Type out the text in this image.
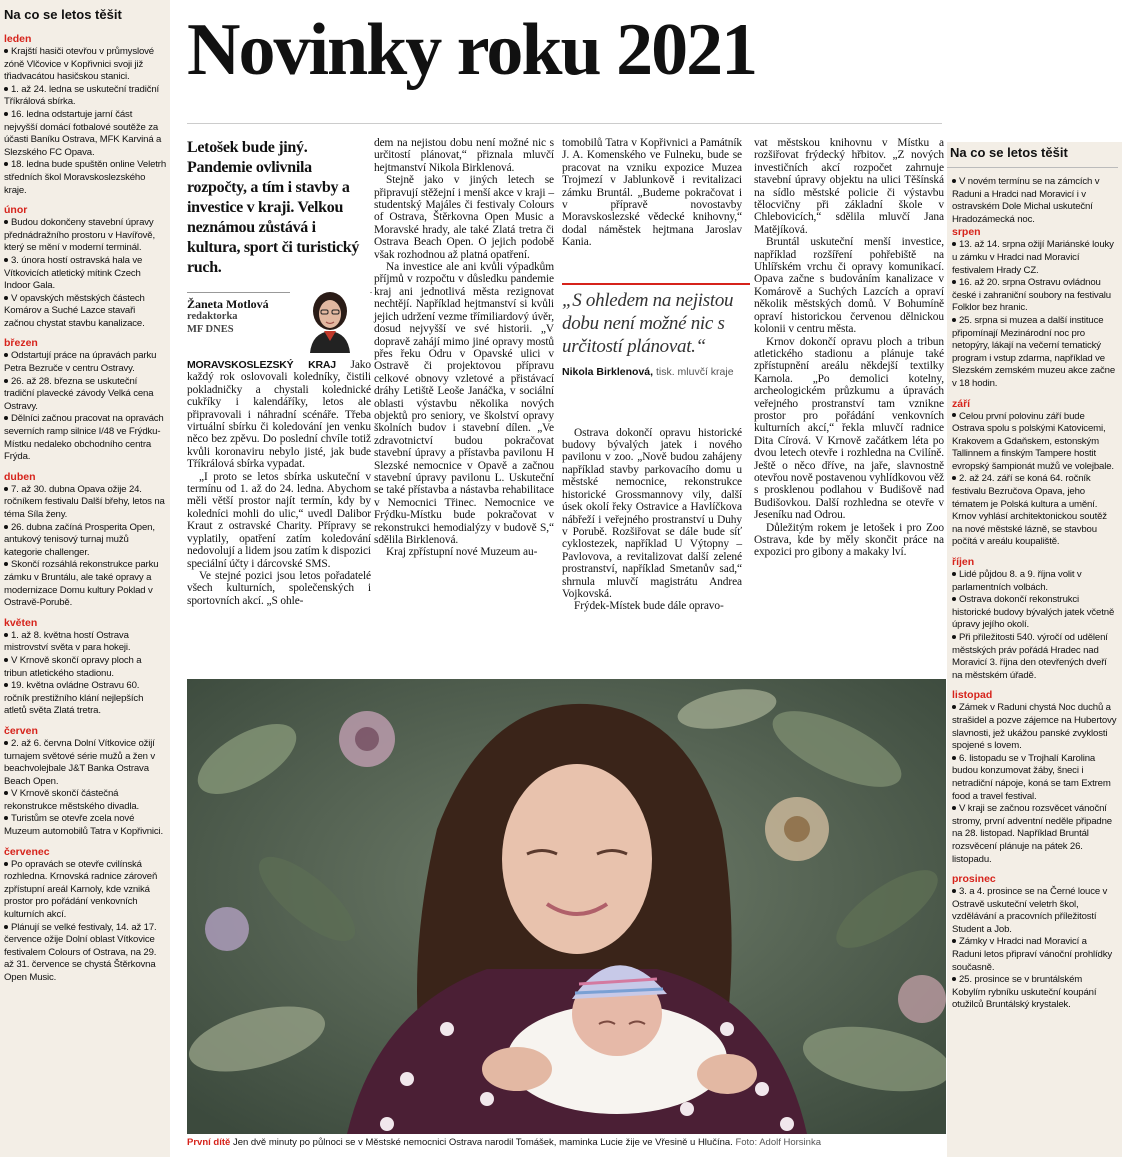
Na co se letos těšit
leden
Krajští hasiči otevřou v průmyslové zóně Vlčovice v Kopřivnici svoji již třiadvacátou hasičskou stanici.
1. až 24. ledna se uskuteční tradiční Tříkrálová sbírka.
16. ledna odstartuje jarní část nejvyšší domácí fotbalové soutěže za účasti Baníku Ostrava, MFK Karviná a Slezského FC Opava.
18. ledna bude spuštěn online Veletrh středních škol Moravskoslezského kraje.
únor
Budou dokončeny stavební úpravy přednádražního prostoru v Havířově, který se mění v moderní terminál.
3. února hostí ostravská hala ve Vítkovicích atletický mítink Czech Indoor Gala.
V opavských městských částech Komárov a Suché Lazce stavaři začnou chystat stavbu kanalizace.
březen
Odstartují práce na úpravách parku Petra Bezruče v centru Ostravy.
26. až 28. března se uskuteční tradiční plavecké závody Velká cena Ostravy.
Dělníci začnou pracovat na opravách severních ramp silnice I/48 ve Frýdku-Místku nedaleko obchodního centra Frýda.
duben
7. až 30. dubna Opava ožije 24. ročníkem festivalu Další břehy, letos na téma Síla ženy.
26. dubna začíná Prosperita Open, antukový tenisový turnaj mužů kategorie challenger.
Skončí rozsáhlá rekonstrukce parku zámku v Bruntálu, ale také opravy a modernizace Domu kultury Poklad v Ostravě-Porubě.
květen
1. až 8. května hostí Ostrava mistrovství světa v para hokeji.
V Krnově skončí opravy ploch a tribun atletického stadionu.
19. května ovládne Ostravu 60. ročník prestižního klání nejlepších atletů světa Zlatá tretra.
červen
2. až 6. června Dolní Vítkovice ožijí turnajem světové série mužů a žen v beachvolejbale J&T Banka Ostrava Beach Open.
V Krnově skončí částečná rekonstrukce městského divadla.
Turistům se otevře zcela nové Muzeum automobilů Tatra v Kopřivnici.
červenec
Po opravách se otevře cvilínská rozhledna. Krnovská radnice zároveň zpřístupní areál Karnoly, kde vzniká prostor pro pořádání venkovních kulturních akcí.
Plánují se velké festivaly, 14. až 17. července ožije Dolní oblast Vítkovice festivalem Colours of Ostrava, na 29. až 31. července se chystá Štěrkovna Open Music.
Novinky roku 2021
Letošek bude jiný. Pandemie ovlivnila rozpočty, a tím i stavby a investice v kraji. Velkou neznámou zůstává i kultura, sport či turistický ruch.
Žaneta Motlová
redaktorka
MF DNES

MORAVSKOSLEZSKÝ KRAJ Jako každý rok oslovovali koledníky, čistili pokladničky a chystali kolednické cukříky i kalendáříky, letos ale připravovali i náhradní scénáře. Třeba virtuální sbírku či koledování jen venku něco bez zpěvu. Do poslední chvíle totiž kvůli koronaviru nebylo jisté, jak bude Tříkrálová sbírka vypadat.

„I proto se letos sbírka uskuteční v termínu od 1. až do 24. ledna. Abychom měli větší prostor najít termín, kdy by koledníci mohli do ulic,“ uvedl Dalibor Kraut z ostravské Charity. Přípravy se vyplatily, opatření zatím koledování nedovolují a lidem jsou zatím k dispozici speciální účty i dárcovské SMS.

Ve stejné pozici jsou letos pořadatelé všech kulturních, společenských i sportovních akcí. „S ohle-

dem na nejistou dobu není možné nic s určitostí plánovat,“ přiznala mluvčí hejtmanství Nikola Birklenová.

Stejně jako v jiných letech se připravují stěžejní i menší akce v kraji – studentský Majáles či festivaly Colours of Ostrava, Štěrkovna Open Music a Moravské hrady, ale také Zlatá tretra či Ostrava Beach Open. O jejich podobě však rozhodnou až platná opatření.

Na investice ale ani kvůli výpadkům příjmů v rozpočtu v důsledku pandemie kraj ani jednotlivá města rezignovat nechtějí. Například hejtmanství si kvůli jejich udržení vezme třímiliardový úvěr, dosud nejvyšší ve své historii. „V dopravě zahájí mimo jiné opravy mostů přes řeku Odru v Opavské ulici v Ostravě či projektovou přípravu celkové obnovy vzletové a přistávací dráhy Letiště Leoše Janáčka, v sociální oblasti výstavbu několika nových objektů pro seniory, ve školství opravy školních budov i stavební dílen. „Ve zdravotnictví budou pokračovat stavební úpravy a přístavba pavilonu H Slezské nemocnice v Opavě a začnou stavební úpravy pavilonu L. Uskuteční se také přístavba a nástavba rehabilitace v Nemocnici Třinec. Nemocnice ve Frýdku-Místku bude pokračovat v rekonstrukci hemodialýzy v budově S,“ sdělila Birklenová.

Kraj zpřístupní nové Muzeum au-

tomobilů Tatra v Kopřivnici a Památník J. A. Komenského ve Fulneku, bude se pracovat na vzniku expozice Muzea Trojmezí v Jablunkově i revitalizaci zámku Bruntál. „Budeme pokračovat i v přípravě novostavby Moravskoslezské vědecké knihovny,“ dodal náměstek hejtmana Jaroslav Kania.

Ostrava dokončí opravu historické budovy bývalých jatek i nového pavilonu v zoo. „Nově budou zahájeny například stavby parkovacího domu u městské nemocnice, rekonstrukce historické Grossmannovy vily, další úsek okolí řeky Ostravice a Havlíčkova nábřeží i veřejného prostranství u Duhy v Porubě. Rozšiřovat se dále bude síť cyklostezek, například U Výtopny – Pavlovova, a revitalizovat další zelené prostranství, například Smetanův sad,“ shrnula mluvčí magistrátu Andrea Vojkovská.

Frýdek-Místek bude dále opravo-

„S ohledem na nejistou dobu není možné nic s určitostí plánovat.“
Nikola Birklenová, tisk. mluvčí kraje

vat městskou knihovnu v Místku a rozšiřovat frýdecký hřbitov. „Z nových investičních akcí rozpočet zahrnuje stavební úpravy objektu na ulici Těšínská na sídlo městské policie či výstavbu tělocvičny při základní škole v Chlebovicích,“ sdělila mluvčí Jana Matějíková.

Bruntál uskuteční menší investice, například rozšíření pohřebiště na Uhlířském vrchu či opravy komunikací. Opava začne s budováním kanalizace v Komárově a Suchých Lazcích a opraví několik městských domů. V Bohumíně opraví historickou červenou dělnickou kolonii v centru města.

Krnov dokončí opravu ploch a tribun atletického stadionu a plánuje také zpřístupnění areálu někdejší textilky Karnola. „Po demolici kotelny, archeologickém průzkumu a úpravách veřejného prostranství tam vznikne prostor pro pořádání venkovních kulturních akcí,“ řekla mluvčí radnice Dita Círová. V Krnově začátkem léta po dvou letech otevře i rozhledna na Cvilíně. Ještě o něco dříve, na jaře, slavnostně otevřou nově postavenou vyhlídkovou věž s prosklenou podlahou v Budišově nad Budišovkou. Další rozhledna se otevře v Jeseníku nad Odrou.

Důležitým rokem je letošek i pro Zoo Ostrava, kde by měly skončit práce na expozici pro gibony a makaky lví.

Na co se letos těšit
V novém termínu se na zámcích v Raduni a Hradci nad Moravicí i v ostravském Dole Michal uskuteční Hradozámecká noc.
srpen
13. až 14. srpna ožijí Mariánské louky u zámku v Hradci nad Moravicí festivalem Hrady CZ.
16. až 20. srpna Ostravu ovládnou české i zahraniční soubory na festivalu Folklor bez hranic.
25. srpna si muzea a další instituce připomínají Mezinárodní noc pro netopýry, lákají na večerní tematický program i vstup zdarma, například ve Slezském zemském muzeu akce začne v 18 hodin.
září
Celou první polovinu září bude Ostrava spolu s polskými Katovicemi, Krakovem a Gdaňskem, estonským Tallinnem a finským Tampere hostit evropský šampionát mužů ve volejbale.
2. až 24. září se koná 64. ročník festivalu Bezručova Opava, jeho tématem je Polská kultura a umění. Krnov vyhlásí architektonickou soutěž na nové městské lázně, se stavbou počítá v areálu koupaliště.
říjen
Lidé půjdou 8. a 9. října volit v parlamentních volbách.
Ostrava dokončí rekonstrukci historické budovy bývalých jatek včetně úpravy jejího okolí.
Při příležitosti 540. výročí od udělení městských práv pořádá Hradec nad Moravicí 3. října den otevřených dveří na městském úřadě.
listopad
Zámek v Raduni chystá Noc duchů a strašidel a pozve zájemce na Hubertovy slavnosti, jež ukážou panské zvyklosti spojené s lovem.
6. listopadu se v Trojhalí Karolina budou konzumovat žáby, šneci i netradiční nápoje, koná se tam Extrem food a travel festival.
V kraji se začnou rozsvěcet vánoční stromy, první adventní neděle připadne na 28. listopad. Například Bruntál rozsvěcení plánuje na pátek 26. listopadu.
prosinec
3. a 4. prosince se na Černé louce v Ostravě uskuteční veletrh škol, vzdělávání a pracovních příležitostí Student a Job.
Zámky v Hradci nad Moravicí a Raduni letos připraví vánoční prohlídky současně.
25. prosince se v bruntálském Kobylím rybníku uskuteční koupání otužilců Bruntálský krystalek.
První dítě Jen dvě minuty po půlnoci se v Městské nemocnici Ostrava narodil Tomášek, maminka Lucie žije ve Vřesině u Hlučína. Foto: Adolf Horsinka
